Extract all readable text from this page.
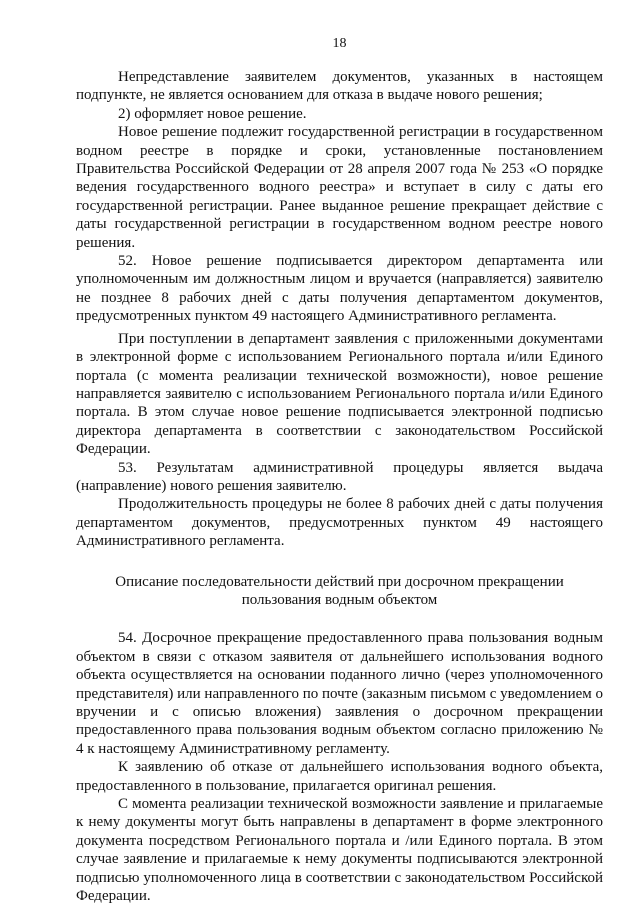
18

Непредставление заявителем документов, указанных в настоящем подпункте, не является основанием для отказа в выдаче нового решения;

2) оформляет новое решение.

Новое решение подлежит государственной регистрации в государственном водном реестре в порядке и сроки, установленные постановлением Правительства Российской Федерации от 28 апреля 2007 года № 253 «О порядке ведения государственного водного реестра» и вступает в силу с даты его государственной регистрации. Ранее выданное решение прекращает действие с даты государственной регистрации в государственном водном реестре нового решения.

52. Новое решение подписывается директором департамента или уполномоченным им должностным лицом и вручается (направляется) заявителю не позднее 8 рабочих дней с даты получения департаментом документов, предусмотренных пунктом 49 настоящего Административного регламента.

При поступлении в департамент заявления с приложенными документами в электронной форме с использованием Регионального портала и/или Единого портала (с момента реализации технической возможности), новое решение направляется заявителю с использованием Регионального портала и/или Единого портала. В этом случае новое решение подписывается электронной подписью директора департамента в соответствии с законодательством Российской Федерации.

53. Результатам административной процедуры является выдача (направление) нового решения заявителю.

Продолжительность процедуры не более 8 рабочих дней с даты получения департаментом документов, предусмотренных пунктом 49 настоящего Административного регламента.

Описание последовательности действий при досрочном прекращении
пользования водным объектом

54. Досрочное прекращение предоставленного права пользования водным объектом в связи с отказом заявителя от дальнейшего использования водного объекта осуществляется на основании поданного лично (через уполномоченного представителя) или направленного по почте (заказным письмом с уведомлением о вручении и с описью вложения) заявления о досрочном прекращении предоставленного права пользования водным объектом согласно приложению № 4 к настоящему Административному регламенту.

К заявлению об отказе от дальнейшего использования водного объекта, предоставленного в пользование, прилагается оригинал решения.

С момента реализации технической возможности заявление и прилагаемые к нему документы могут быть направлены в департамент в форме электронного документа посредством Регионального портала и /или Единого портала. В этом случае заявление и прилагаемые к нему документы подписываются электронной подписью уполномоченного лица в соответствии с законодательством Российской Федерации.
